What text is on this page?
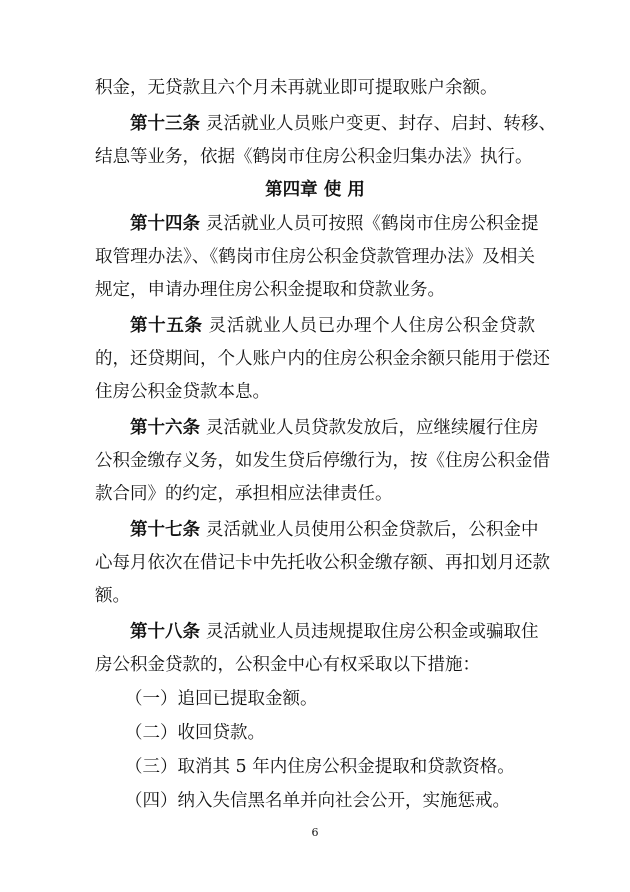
积金，无贷款且六个月未再就业即可提取账户余额。
第十三条 灵活就业人员账户变更、封存、启封、转移、
结息等业务，依据《鹤岗市住房公积金归集办法》执行。
第四章 使 用
第十四条 灵活就业人员可按照《鹤岗市住房公积金提
取管理办法》、《鹤岗市住房公积金贷款管理办法》及相关
规定，申请办理住房公积金提取和贷款业务。
第十五条 灵活就业人员已办理个人住房公积金贷款
的，还贷期间，个人账户内的住房公积金余额只能用于偿还
住房公积金贷款本息。
第十六条 灵活就业人员贷款发放后，应继续履行住房
公积金缴存义务，如发生贷后停缴行为，按《住房公积金借
款合同》的约定，承担相应法律责任。
第十七条 灵活就业人员使用公积金贷款后，公积金中
心每月依次在借记卡中先托收公积金缴存额、再扣划月还款
额。
第十八条 灵活就业人员违规提取住房公积金或骗取住
房公积金贷款的，公积金中心有权采取以下措施：
（一）追回已提取金额。
（二）收回贷款。
（三）取消其 5 年内住房公积金提取和贷款资格。
（四）纳入失信黑名单并向社会公开，实施惩戒。
6
